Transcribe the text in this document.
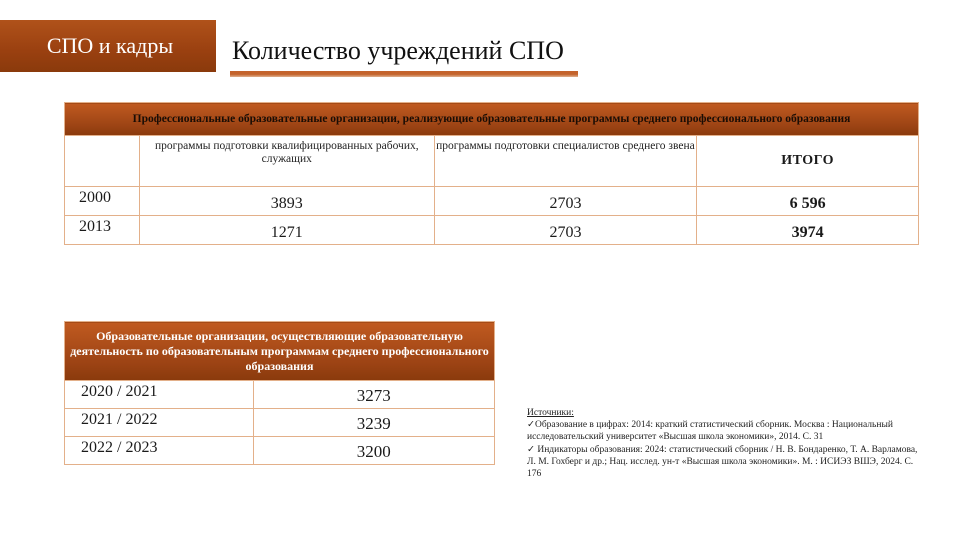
СПО и кадры	Количество учреждений СПО
Профессиональные образовательные организации, реализующие образовательные программы среднего профессионального образования			
	программы подготовки квалифицированных рабочих, служащих	программы подготовки специалистов среднего звена	ИТОГО
2000	3893	2703	6 596
2013	1271	2703	3974
Образовательные организации, осуществляющие образовательную деятельность по образовательным программам среднего профессионального образования	
2020 / 2021	3273
2021 / 2022	3239
2022 / 2023	3200
Источники:
✓Образование в цифрах: 2014: краткий статистический сборник. Москва : Национальный исследовательский университет «Высшая школа экономики», 2014. С. 31
✓ Индикаторы образования: 2024: статистический сборник / Н. В. Бондаренко, Т. А. Варламова, Л. М. Гохберг и др.; Нац. исслед. ун-т «Высшая школа экономики». М. : ИСИЭЗ ВШЭ, 2024. С. 176
